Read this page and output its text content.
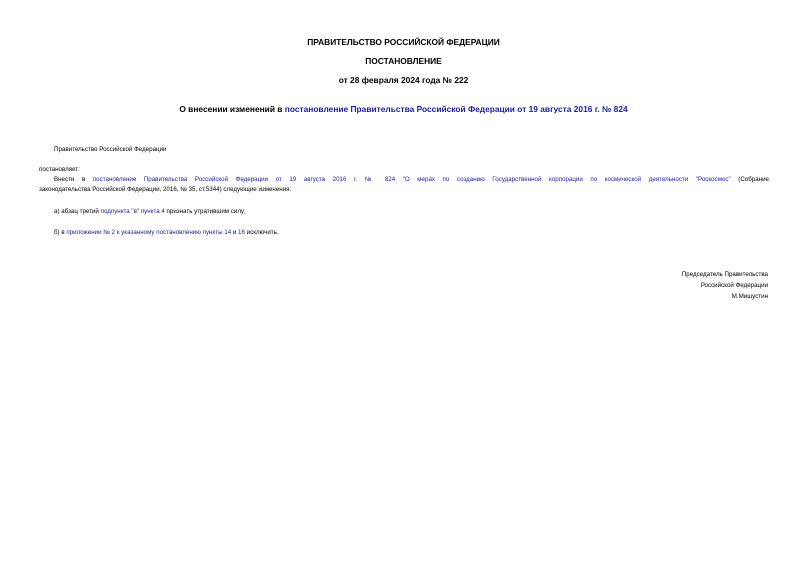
ПРАВИТЕЛЬСТВО РОССИЙСКОЙ ФЕДЕРАЦИИ
ПОСТАНОВЛЕНИЕ
от 28 февраля 2024 года № 222
О внесении изменений в постановление Правительства Российской Федерации от 19 августа 2016 г. № 824
Правительство Российской Федерации
постановляет:
Внести в постановление Правительства Российской Федерации от 19 августа 2016 г. № 824 "О мерах по созданию Государственной корпорации по космической деятельности "Роскосмос" (Собрание
законодательства Российской Федерации, 2016, № 35, ст.5344) следующие изменения:
а) абзац третий подпункта "в" пункта 4 признать утратившим силу;
б) в приложении № 2 к указанному постановлению пункты 14 и 16 исключить.
Председатель Правительства
Российской Федерации
М.Мишустин
